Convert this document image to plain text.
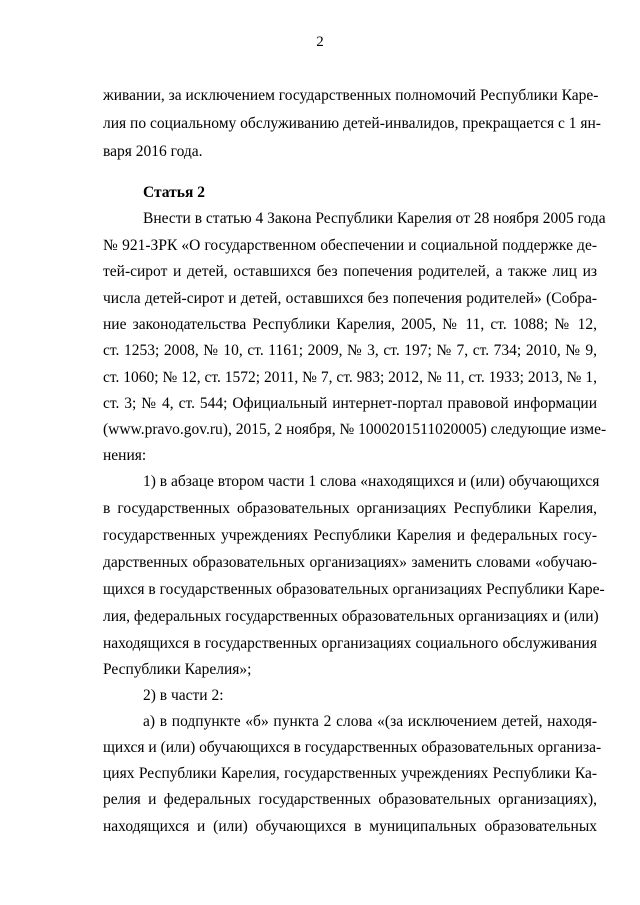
2
живании, за исключением государственных полномочий Республики Каре-
лия по социальному обслуживанию детей-инвалидов, прекращается с 1 ян-
варя 2016 года.
Статья 2
Внести в статью 4 Закона Республики Карелия от 28 ноября 2005 года
№ 921-ЗРК «О государственном обеспечении и социальной поддержке де-
тей-сирот и детей, оставшихся без попечения родителей, а также лиц из
числа детей-сирот и детей, оставшихся без попечения родителей» (Собра-
ние законодательства Республики Карелия, 2005, № 11, ст. 1088; № 12,
ст. 1253; 2008, № 10, ст. 1161; 2009, № 3, ст. 197; № 7, ст. 734; 2010, № 9,
ст. 1060; № 12, ст. 1572; 2011, № 7, ст. 983; 2012, № 11, ст. 1933; 2013, № 1,
ст. 3; № 4, ст. 544; Официальный интернет-портал правовой информации
(www.pravo.gov.ru), 2015, 2 ноября, № 1000201511020005) следующие изме-
нения:
1) в абзаце втором части 1 слова «находящихся и (или) обучающихся
в государственных образовательных организациях Республики Карелия,
государственных учреждениях Республики Карелия и федеральных госу-
дарственных образовательных организациях» заменить словами «обучаю-
щихся в государственных образовательных организациях Республики Каре-
лия, федеральных государственных образовательных организациях и (или)
находящихся в государственных организациях социального обслуживания
Республики Карелия»;
2) в части 2:
а) в подпункте «б» пункта 2 слова «(за исключением детей, находя-
щихся и (или) обучающихся в государственных образовательных организа-
циях Республики Карелия, государственных учреждениях Республики Ка-
релия и федеральных государственных образовательных организациях),
находящихся и (или) обучающихся в муниципальных образовательных
